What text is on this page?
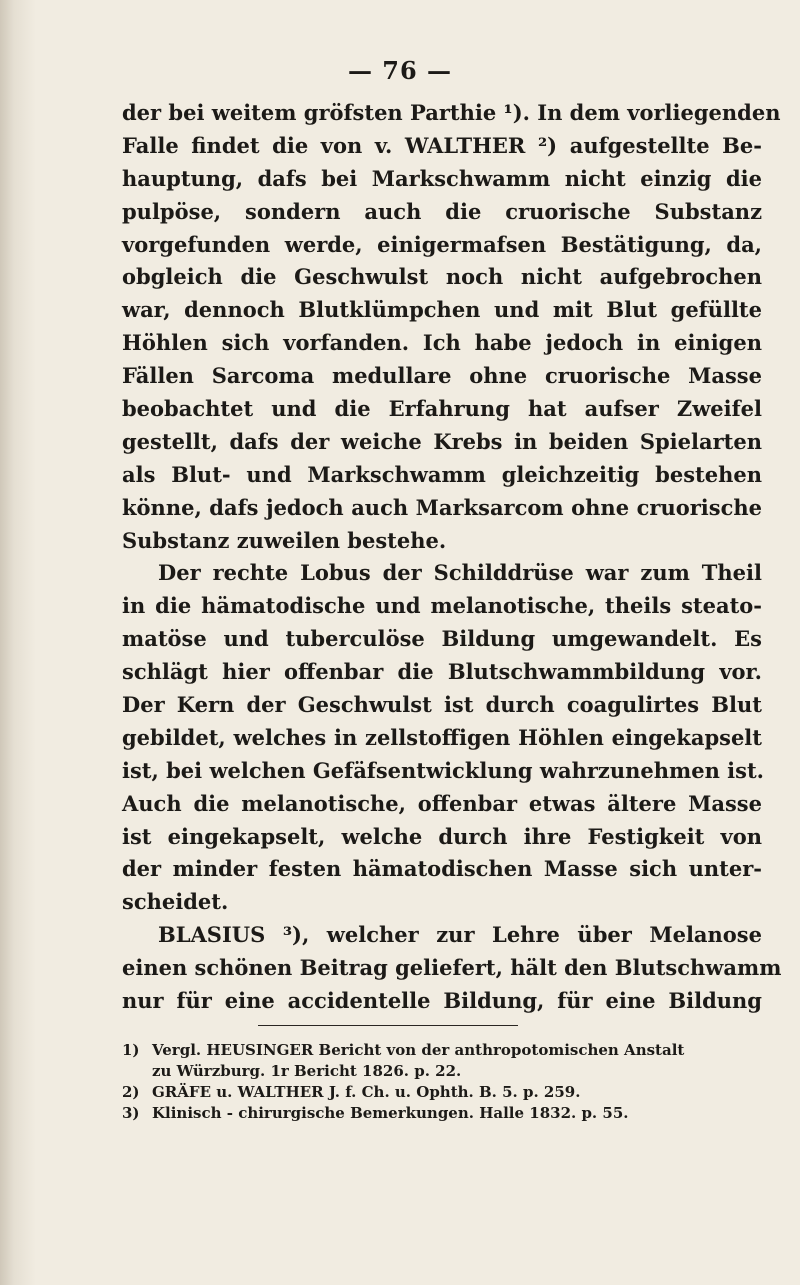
— 76 —

der bei weitem gröfsten Parthie ¹). In dem vorliegenden

Falle findet die von v. WALTHER ²) aufgestellte Be-

hauptung, dafs bei Markschwamm nicht einzig die

pulpöse, sondern auch die cruorische Substanz

vorgefunden werde, einigermafsen Bestätigung, da,

obgleich die Geschwulst noch nicht aufgebrochen

war, dennoch Blutklümpchen und mit Blut gefüllte

Höhlen sich vorfanden. Ich habe jedoch in einigen

Fällen Sarcoma medullare ohne cruorische Masse

beobachtet und die Erfahrung hat aufser Zweifel

gestellt, dafs der weiche Krebs in beiden Spielarten

als Blut- und Markschwamm gleichzeitig bestehen

könne, dafs jedoch auch Marksarcom ohne cruorische

Substanz zuweilen bestehe.

Der rechte Lobus der Schilddrüse war zum Theil

in die hämatodische und melanotische, theils steato-

matöse und tuberculöse Bildung umgewandelt. Es

schlägt hier offenbar die Blutschwammbildung vor.

Der Kern der Geschwulst ist durch coagulirtes Blut

gebildet, welches in zellstoffigen Höhlen eingekapselt

ist, bei welchen Gefäfsentwicklung wahrzunehmen ist.

Auch die melanotische, offenbar etwas ältere Masse

ist eingekapselt, welche durch ihre Festigkeit von

der minder festen hämatodischen Masse sich unter-

scheidet.

BLASIUS ³), welcher zur Lehre über Melanose

einen schönen Beitrag geliefert, hält den Blutschwamm

nur für eine accidentelle Bildung, für eine Bildung

1) Vergl. HEUSINGER Bericht von der anthropotomischen Anstalt
zu Würzburg. 1r Bericht 1826. p. 22.
2) GRÄFE u. WALTHER J. f. Ch. u. Ophth. B. 5. p. 259.
3) Klinisch - chirurgische Bemerkungen. Halle 1832. p. 55.
